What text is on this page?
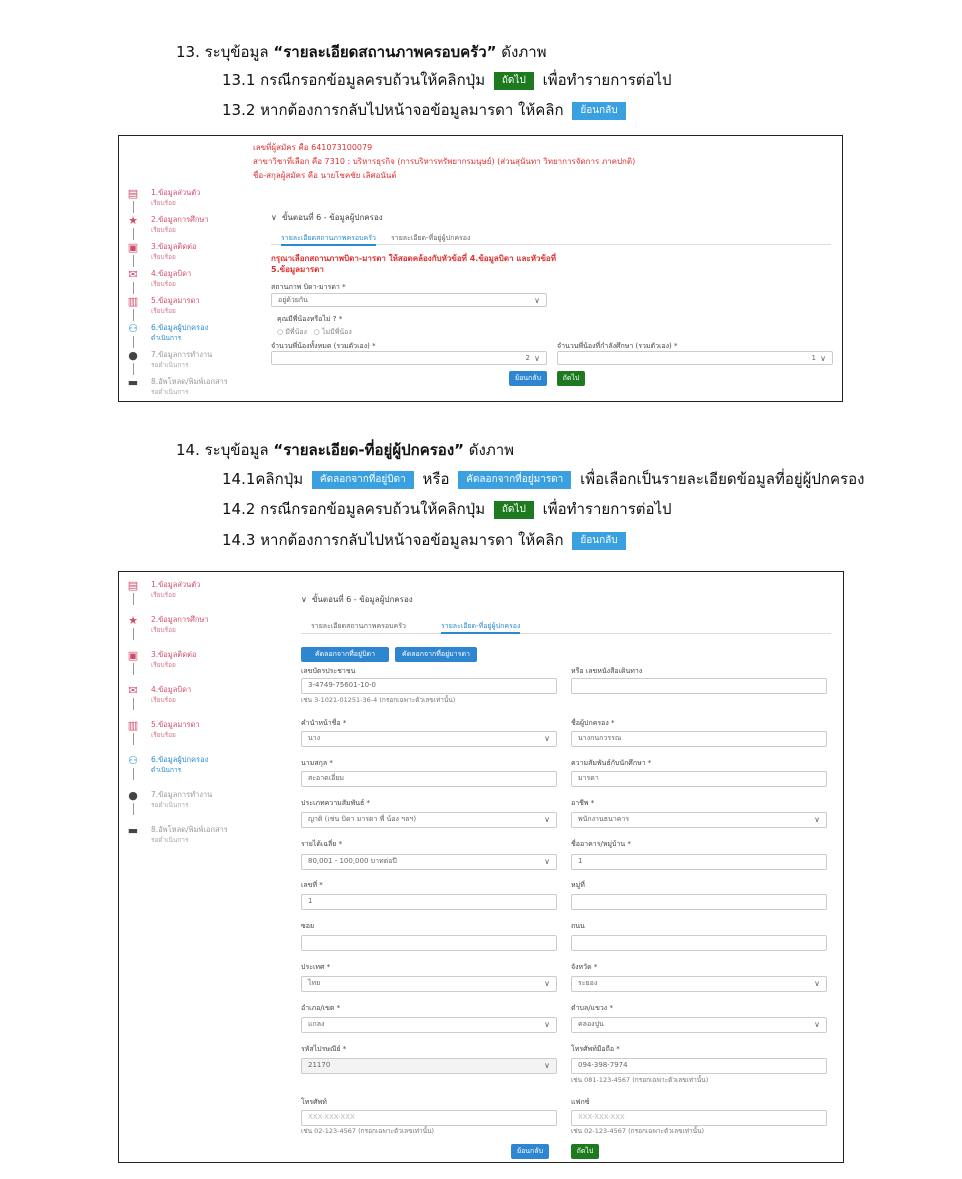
13. ระบุข้อมูล “รายละเอียดสถานภาพครอบครัว” ดังภาพ
13.1 กรณีกรอกข้อมูลครบถ้วนให้คลิกปุ่ม ถัดไป เพื่อทำรายการต่อไป
13.2 หากต้องการกลับไปหน้าจอข้อมูลมารดา ให้คลิก ย้อนกลับ
เลขที่ผู้สมัคร คือ 641073100079
สาขาวิชาที่เลือก คือ 7310 : บริหารธุรกิจ (การบริหารทรัพยากรมนุษย์) (ส่วนสุนันทา วิทยาการจัดการ ภาคปกติ)
ชื่อ-สกุลผู้สมัคร คือ นายโชคชัย เลิศอนันต์
▤ 1.ข้อมูลส่วนตัว
เรียบร้อย
★ 2.ข้อมูลการศึกษา
เรียบร้อย
▣ 3.ข้อมูลติดต่อ
เรียบร้อย
✉ 4.ข้อมูลบิดา
เรียบร้อย
▥ 5.ข้อมูลมารดา
เรียบร้อย
⚇ 6.ข้อมูลผู้ปกครอง
ดำเนินการ
● 7.ข้อมูลการทำงาน
รอดำเนินการ
▬ 8.อัพโหลด/พิมพ์เอกสาร
รอดำเนินการ
∨ ขั้นตอนที่ 6 - ข้อมูลผู้ปกครอง
รายละเอียดสถานภาพครอบครัว รายละเอียด-ที่อยู่ผู้ปกครอง
กรุณาเลือกสถานภาพบิดา-มารดา ให้สอดคล้องกับหัวข้อที่ 4.ข้อมูลบิดา และหัวข้อที่
5.ข้อมูลมารดา
สถานภาพ บิดา-มารดา *
อยู่ด้วยกัน	∨
คุณมีพี่น้องหรือไม่ ? *
○ มีพี่น้อง ○ ไม่มีพี่น้อง
จำนวนพี่น้องทั้งหมด (รวมตัวเอง) *
2 ∨
จำนวนพี่น้องที่กำลังศึกษา (รวมตัวเอง) *
1 ∨
ย้อนกลับ	ถัดไป
14. ระบุข้อมูล “รายละเอียด-ที่อยู่ผู้ปกครอง” ดังภาพ
14.1คลิกปุ่ม คัดลอกจากที่อยู่บิดา หรือ คัดลอกจากที่อยู่มารดา เพื่อเลือกเป็นรายละเอียดข้อมูลที่อยู่ผู้ปกครอง
14.2 กรณีกรอกข้อมูลครบถ้วนให้คลิกปุ่ม ถัดไป เพื่อทำรายการต่อไป
14.3 หากต้องการกลับไปหน้าจอข้อมูลมารดา ให้คลิก ย้อนกลับ
▤ 1.ข้อมูลส่วนตัว
เรียบร้อย
★ 2.ข้อมูลการศึกษา
เรียบร้อย
▣ 3.ข้อมูลติดต่อ
เรียบร้อย
✉ 4.ข้อมูลบิดา
เรียบร้อย
▥ 5.ข้อมูลมารดา
เรียบร้อย
⚇ 6.ข้อมูลผู้ปกครอง
ดำเนินการ
● 7.ข้อมูลการทำงาน
รอดำเนินการ
▬ 8.อัพโหลด/พิมพ์เอกสาร
รอดำเนินการ
∨ ขั้นตอนที่ 6 - ข้อมูลผู้ปกครอง
รายละเอียดสถานภาพครอบครัว	รายละเอียด-ที่อยู่ผู้ปกครอง
คัดลอกจากที่อยู่บิดา	คัดลอกจากที่อยู่มารดา
เลขบัตรประชาชน
3-4749-75601-10-0
เช่น 3-1021-01251-36-4 (กรอกเฉพาะตัวเลขเท่านั้น)
หรือ เลขหนังสือเดินทาง
คำนำหน้าชื่อ *
นาง	∨
ชื่อผู้ปกครอง *
นางกนกวรรณ
นามสกุล *
สะอาดเอี่ยม
ความสัมพันธ์กับนักศึกษา *
มารดา
ประเภทความสัมพันธ์ *
ญาติ (เช่น บิดา มารดา พี่ น้อง ฯลฯ)	∨
อาชีพ *
พนักงานธนาคาร	∨
รายได้เฉลี่ย *
80,001 - 100,000 บาทต่อปี	∨
ชื่ออาคาร/หมู่บ้าน *
1
เลขที่ *
1
หมู่ที่
ซอย	ถนน
ประเทศ *
ไทย	∨
จังหวัด *
ระยอง	∨
อำเภอ/เขต *
แกลง	∨
ตำบล/แขวง *
คลองปูน	∨
รหัสไปรษณีย์ *
21170	∨
โทรศัพท์มือถือ *
094-398-7974
เช่น 081-123-4567 (กรอกเฉพาะตัวเลขเท่านั้น)
โทรศัพท์
XXX-XXX-XXX
เช่น 02-123-4567 (กรอกเฉพาะตัวเลขเท่านั้น)
แฟกซ์
XXX-XXX-XXX
เช่น 02-123-4567 (กรอกเฉพาะตัวเลขเท่านั้น)
ย้อนกลับ	ถัดไป
